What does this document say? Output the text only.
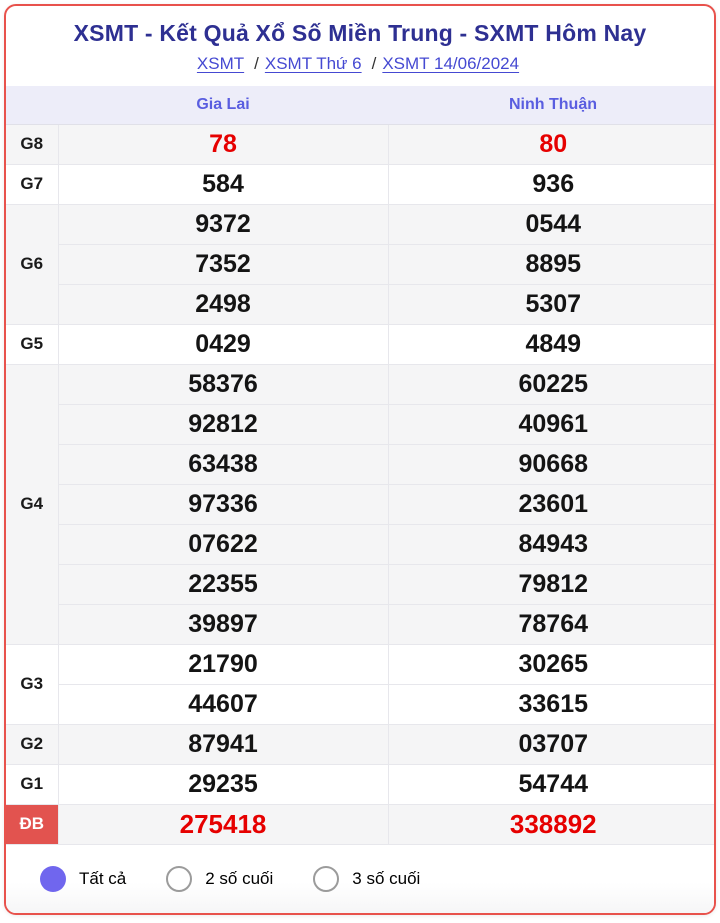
XSMT - Kết Quả Xổ Số Miền Trung - SXMT Hôm Nay
XSMT / XSMT Thứ 6 / XSMT 14/06/2024
	Gia Lai	Ninh Thuận
G8	78	80
G7	584	936
G6	9372	0544
	7352	8895
	2498	5307
G5	0429	4849
G4	58376	60225
	92812	40961
	63438	90668
	97336	23601
	07622	84943
	22355	79812
	39897	78764
G3	21790	30265
	44607	33615
G2	87941	03707
G1	29235	54744
ĐB	275418	338892
Tất cả	2 số cuối	3 số cuối
